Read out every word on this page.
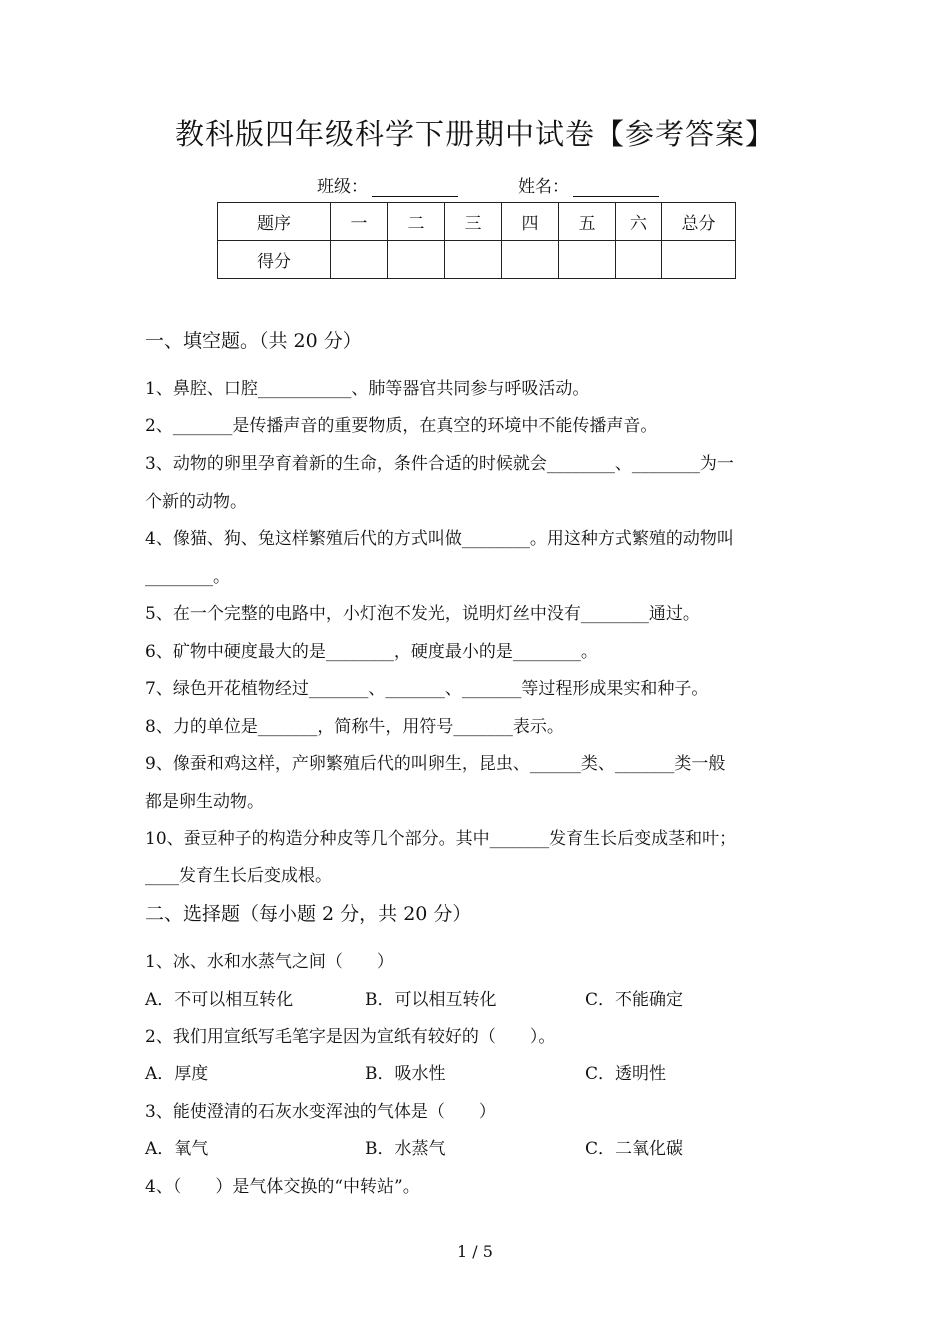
教科版四年级科学下册期中试卷【参考答案】
班级：	姓名：
题序	一	二	三	四	五	六	总分
得分							
一、填空题。（共 20 分）
1、鼻腔、口腔___________、肺等器官共同参与呼吸活动。
2、_______是传播声音的重要物质，在真空的环境中不能传播声音。
3、动物的卵里孕育着新的生命，条件合适的时候就会________、________为一
个新的动物。
4、像猫、狗、兔这样繁殖后代的方式叫做________。用这种方式繁殖的动物叫
________。
5、在一个完整的电路中，小灯泡不发光，说明灯丝中没有________通过。
6、矿物中硬度最大的是________，硬度最小的是________。
7、绿色开花植物经过_______、_______、_______等过程形成果实和种子。
8、力的单位是_______，简称牛，用符号_______表示。
9、像蚕和鸡这样，产卵繁殖后代的叫卵生，昆虫、______类、_______类一般
都是卵生动物。
10、蚕豆种子的构造分种皮等几个部分。其中_______发育生长后变成茎和叶；
____发育生长后变成根。
二、选择题（每小题 2 分，共 20 分）
1、冰、水和水蒸气之间（　　）
A．不可以相互转化	B．可以相互转化	C．不能确定
2、我们用宣纸写毛笔字是因为宣纸有较好的（　　）。
A．厚度	B．吸水性	C．透明性
3、能使澄清的石灰水变浑浊的气体是（　　）
A．氧气	B．水蒸气	C．二氧化碳
4、（　　）是气体交换的“中转站”。
1 / 5
